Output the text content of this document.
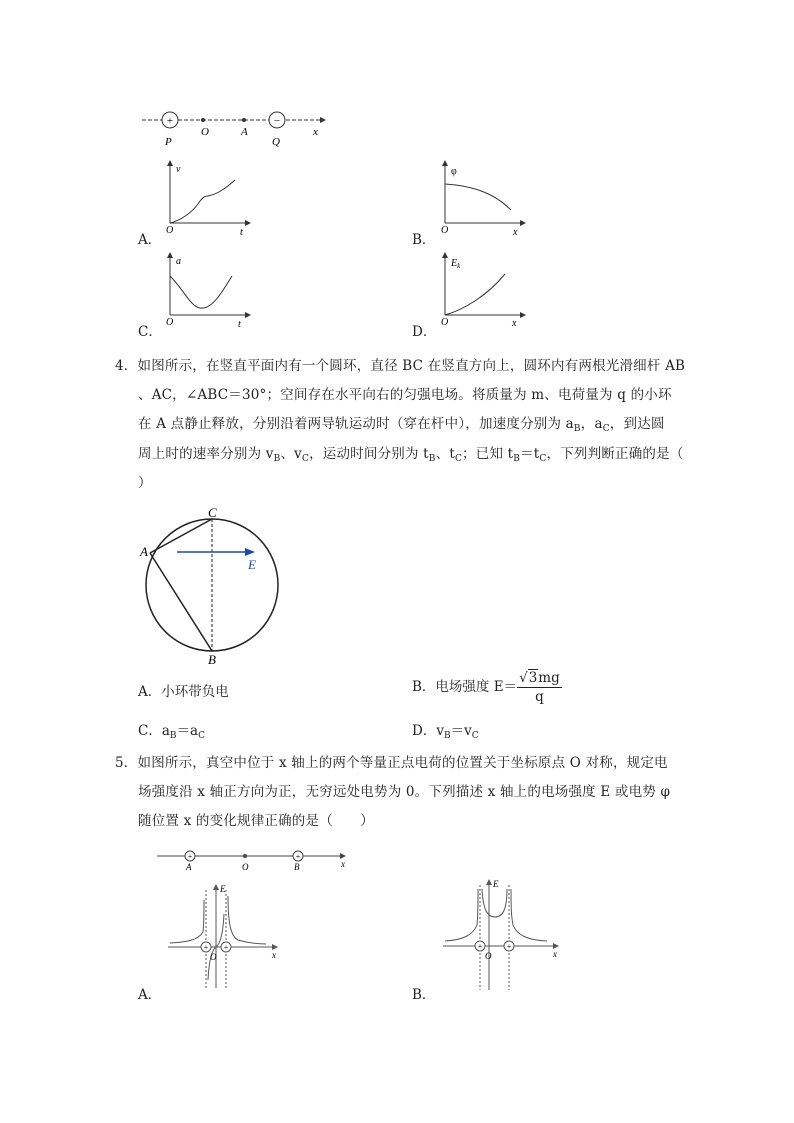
+	−
O	A	x
P	Q
v
t
O
A．
φ
x
O
B．
a
t
O
C．
$E_k$
x
O
D．
4．如图所示，在竖直平面内有一个圆环，直径 BC 在竖直方向上，圆环内有两根光滑细杆 AB
、AC，∠ABC＝30°；空间存在水平向右的匀强电场。将质量为 m、电荷量为 q 的小环
在 A 点静止释放，分别沿着两导轨运动时（穿在杆中），加速度分别为 $a_B$，$a_C$，到达圆
周上时的速率分别为 $v_B$、$v_C$，运动时间分别为 $t_B$、$t_C$；已知 $t_B=t_C$，下列判断正确的是（
）
C
A
E
B
A．小环带负电	B．电场强度 $E= \frac{√3mg}{q}$
C．$a_B=a_C$	D．$v_B=v_C$
5．如图所示，真空中位于 x 轴上的两个等量正点电荷的位置关于坐标原点 O 对称，规定电
场强度沿 x 轴正方向为正，无穷远处电势为 0。下列描述 x 轴上的电场强度 E 或电势 φ
随位置 x 的变化规律正确的是（　　）
+	+
A	O	B	x
+ +
E
O	x
A．
+	+
E
O	x
B．
